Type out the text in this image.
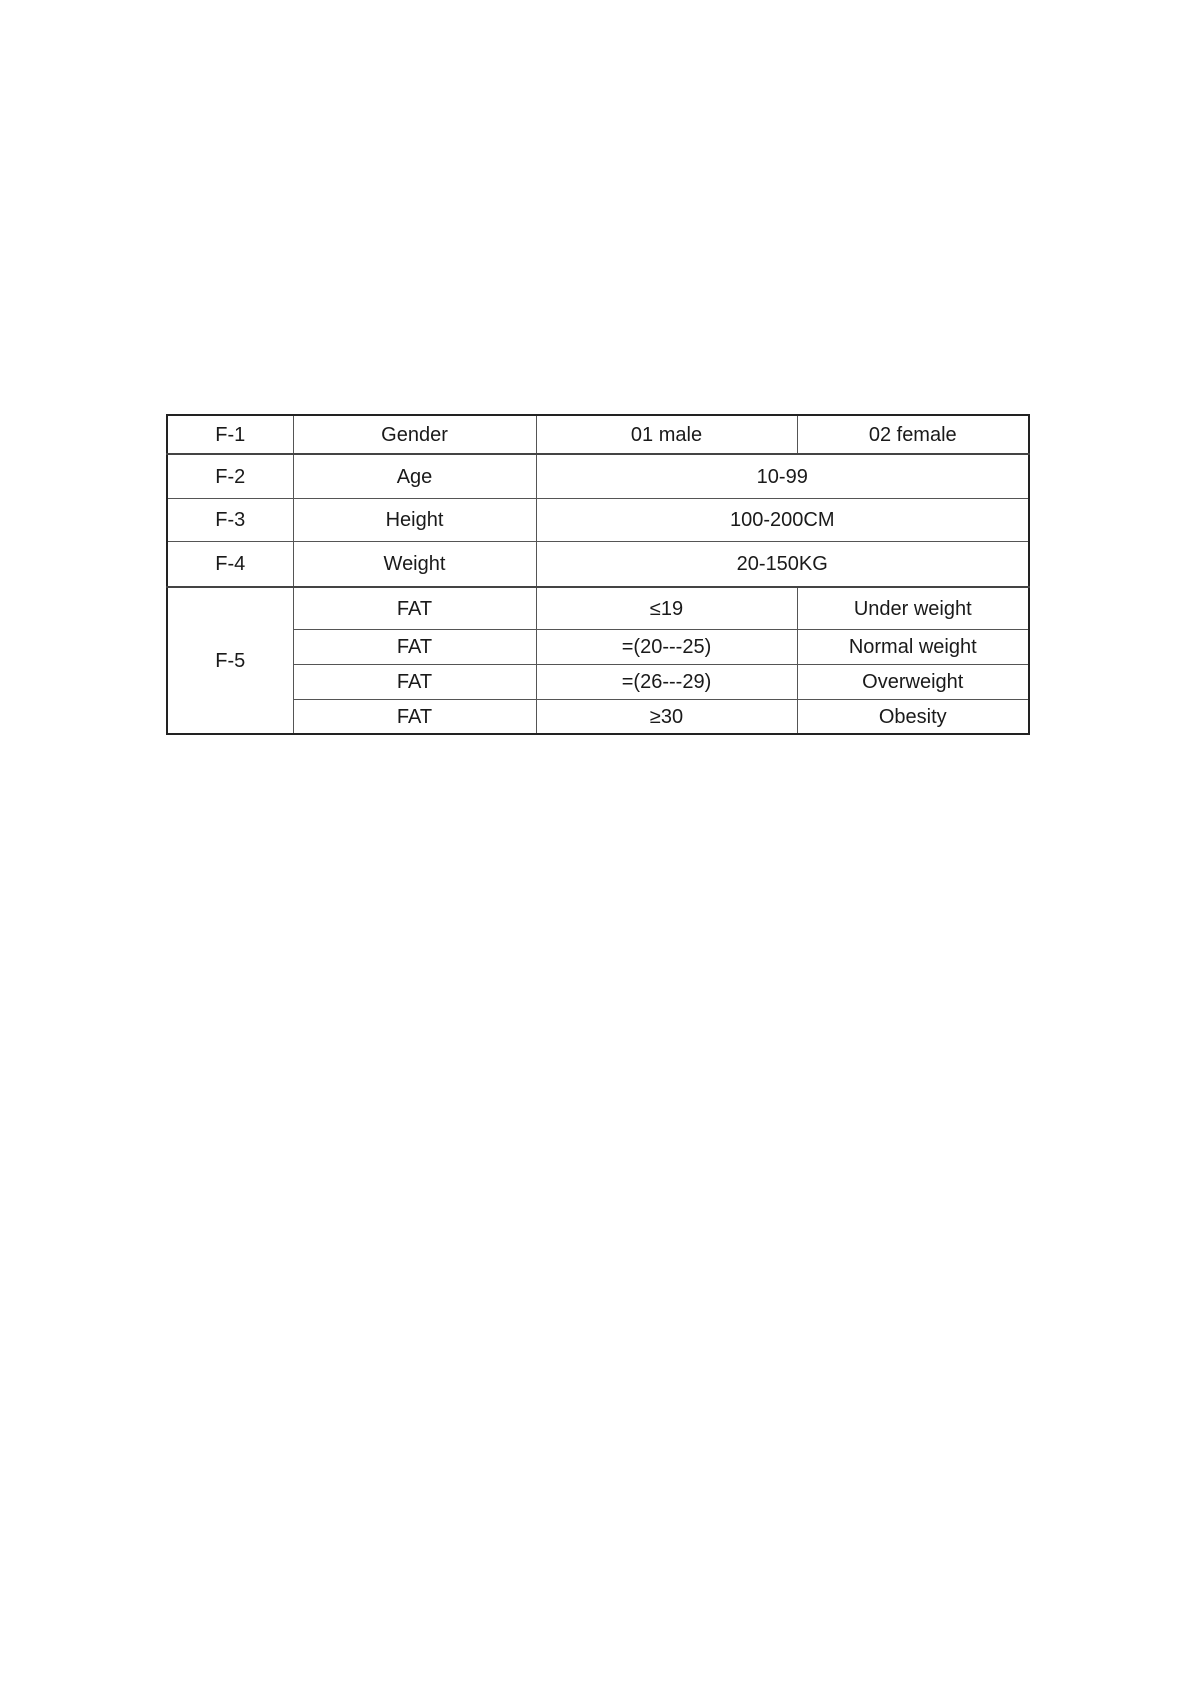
F-1	Gender	01 male	02 female
F-2	Age	10-99	
F-3	Height	100-200CM	
F-4	Weight	20-150KG	
F-5	FAT	≤19	Under weight
	FAT	=(20---25)	Normal weight
	FAT	=(26---29)	Overweight
	FAT	≥30	Obesity
